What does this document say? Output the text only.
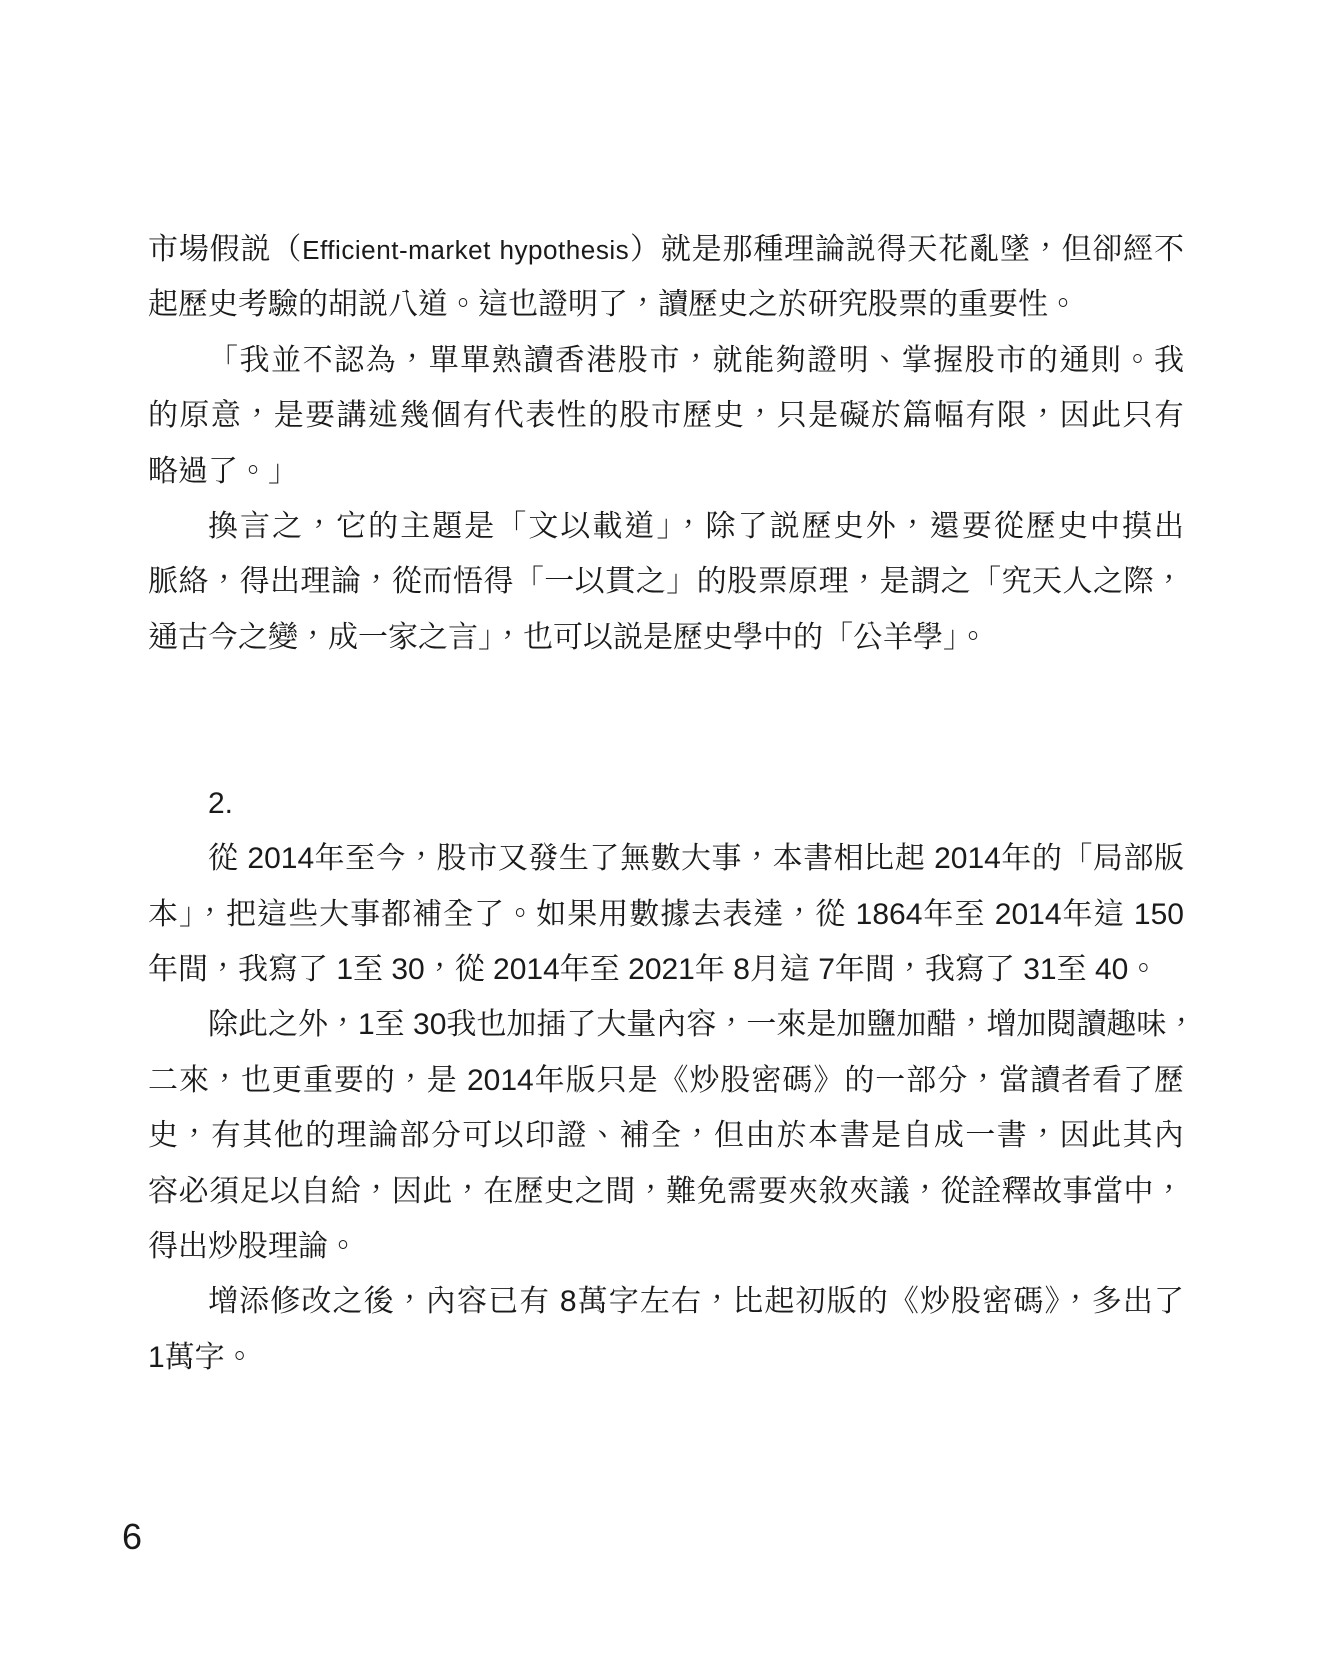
市場假説（Efficient-market hypothesis）就是那種理論説得天花亂墜，但卻經不
起歷史考驗的胡説八道。這也證明了，讀歷史之於研究股票的重要性。
「我並不認為，單單熟讀香港股市，就能夠證明、掌握股市的通則。我
的原意，是要講述幾個有代表性的股市歷史，只是礙於篇幅有限，因此只有
略過了。」
換言之，它的主題是「文以載道」，除了説歷史外，還要從歷史中摸出
脈絡，得出理論，從而悟得「一以貫之」的股票原理，是謂之「究天人之際，
通古今之變，成一家之言」，也可以説是歷史學中的「公羊學」。
2.
從 2014年至今，股市又發生了無數大事，本書相比起 2014年的「局部版
本」，把這些大事都補全了。如果用數據去表達，從 1864年至 2014年這 150
年間，我寫了 1至 30，從 2014年至 2021年 8月這 7年間，我寫了 31至 40。
除此之外，1至 30我也加插了大量內容，一來是加鹽加醋，增加閱讀趣味，
二來，也更重要的，是 2014年版只是《炒股密碼》的一部分，當讀者看了歷
史，有其他的理論部分可以印證、補全，但由於本書是自成一書，因此其內
容必須足以自給，因此，在歷史之間，難免需要夾敘夾議，從詮釋故事當中，
得出炒股理論。
增添修改之後，內容已有 8萬字左右，比起初版的《炒股密碼》，多出了
1萬字。
6
